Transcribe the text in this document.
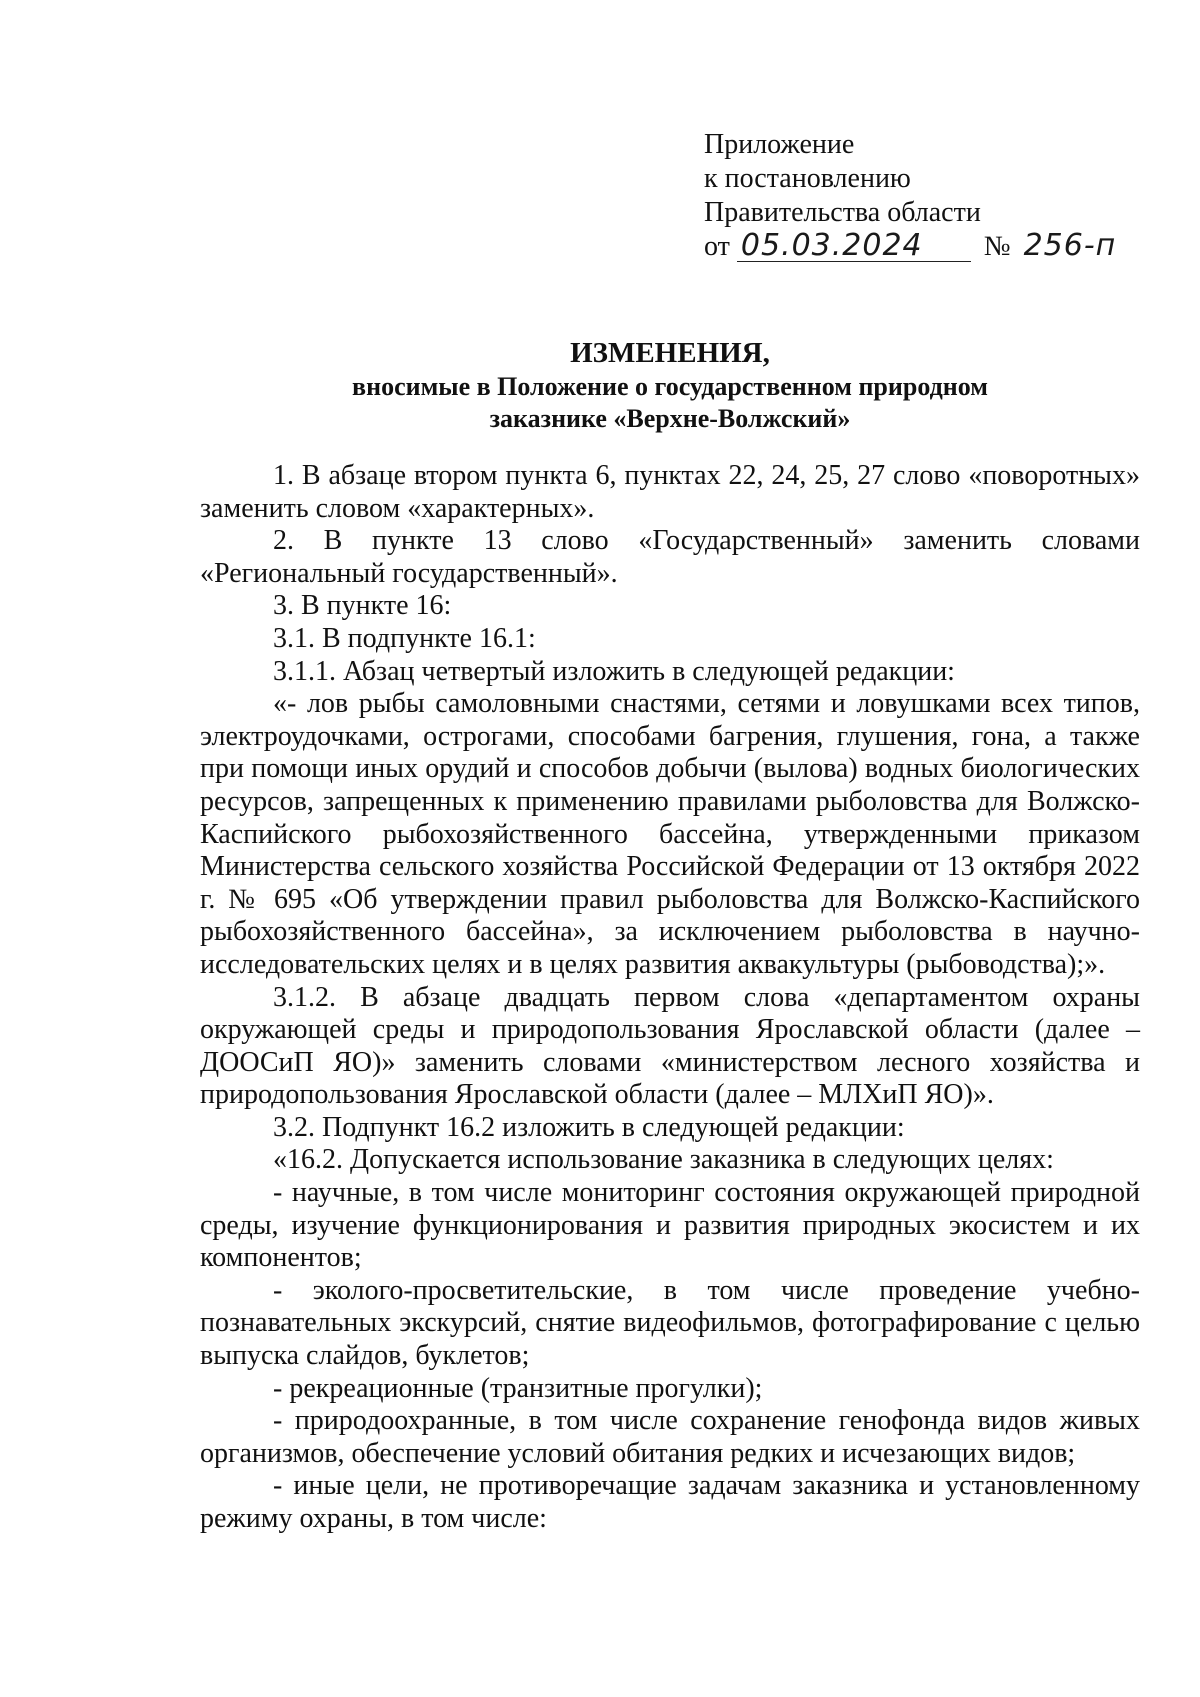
Приложение
к постановлению
Правительства области
от 05.03.2024 № 256-п
ИЗМЕНЕНИЯ,
вносимые в Положение о государственном природном
заказнике «Верхне-Волжский»

1. В абзаце втором пункта 6, пунктах 22, 24, 25, 27 слово «поворотных» заменить словом «характерных».

2. В пункте 13 слово «Государственный» заменить словами «Региональный государственный».

3. В пункте 16:

3.1. В подпункте 16.1:

3.1.1. Абзац четвертый изложить в следующей редакции:

«- лов рыбы самоловными снастями, сетями и ловушками всех типов, электроудочками, острогами, способами багрения, глушения, гона, а также при помощи иных орудий и способов добычи (вылова) водных биологических ресурсов, запрещенных к применению правилами рыболовства для Волжско-Каспийского рыбохозяйственного бассейна, утвержденными приказом Министерства сельского хозяйства Российской Федерации от 13 октября 2022 г. № 695 «Об утверждении правил рыболовства для Волжско-Каспийского рыбохозяйственного бассейна», за исключением рыболовства в научно-исследовательских целях и в целях развития аквакультуры (рыбоводства);».

3.1.2. В абзаце двадцать первом слова «департаментом охраны окружающей среды и природопользования Ярославской области (далее – ДООСиП ЯО)» заменить словами «министерством лесного хозяйства и природопользования Ярославской области (далее – МЛХиП ЯО)».

3.2. Подпункт 16.2 изложить в следующей редакции:

«16.2. Допускается использование заказника в следующих целях:

- научные, в том числе мониторинг состояния окружающей природной среды, изучение функционирования и развития природных экосистем и их компонентов;

- эколого-просветительские, в том числе проведение учебно-познавательных экскурсий, снятие видеофильмов, фотографирование с целью выпуска слайдов, буклетов;

- рекреационные (транзитные прогулки);

- природоохранные, в том числе сохранение генофонда видов живых организмов, обеспечение условий обитания редких и исчезающих видов;

- иные цели, не противоречащие задачам заказника и установленному режиму охраны, в том числе:
